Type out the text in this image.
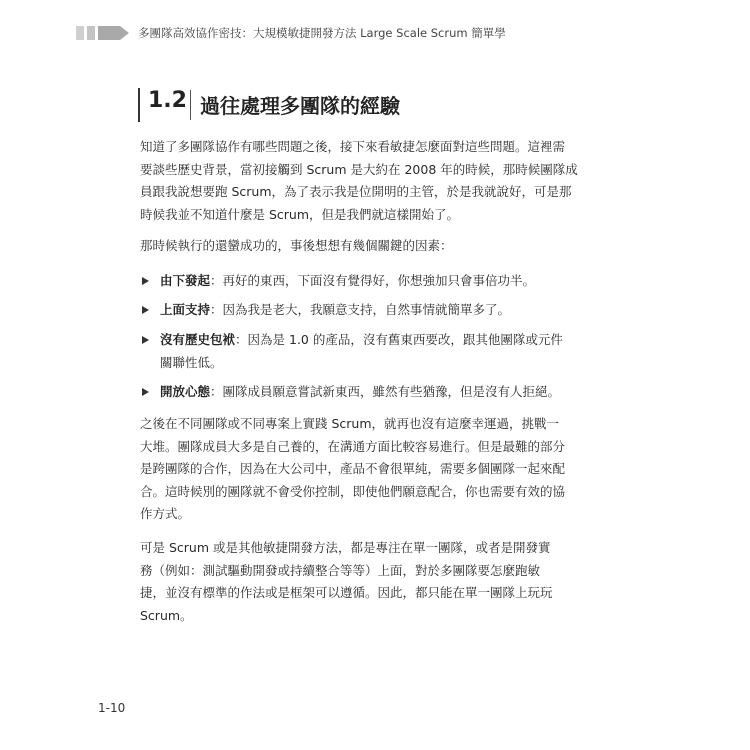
多團隊高效協作密技：大規模敏捷開發方法 Large Scale Scrum 簡單學
1.2 過往處理多團隊的經驗
知道了多團隊協作有哪些問題之後，接下來看敏捷怎麼面對這些問題。這裡需
要談些歷史背景，當初接觸到 Scrum 是大約在 2008 年的時候，那時候團隊成
員跟我說想要跑 Scrum，為了表示我是位開明的主管，於是我就說好，可是那
時候我並不知道什麼是 Scrum，但是我們就這樣開始了。
那時候執行的還蠻成功的，事後想想有幾個關鍵的因素：
由下發起：再好的東西，下面沒有覺得好，你想強加只會事倍功半。
上面支持：因為我是老大，我願意支持，自然事情就簡單多了。
沒有歷史包袱：因為是 1.0 的產品，沒有舊東西要改，跟其他團隊或元件
關聯性低。
開放心態：團隊成員願意嘗試新東西，雖然有些猶豫，但是沒有人拒絕。
之後在不同團隊或不同專案上實踐 Scrum，就再也沒有這麼幸運過，挑戰一
大堆。團隊成員大多是自己養的，在溝通方面比較容易進行。但是最難的部分
是跨團隊的合作，因為在大公司中，產品不會很單純，需要多個團隊一起來配
合。這時候別的團隊就不會受你控制，即使他們願意配合，你也需要有效的協
作方式。
可是 Scrum 或是其他敏捷開發方法，都是專注在單一團隊，或者是開發實
務（例如：測試驅動開發或持續整合等等）上面，對於多團隊要怎麼跑敏
捷，並沒有標準的作法或是框架可以遵循。因此，都只能在單一團隊上玩玩
Scrum。
1-10
